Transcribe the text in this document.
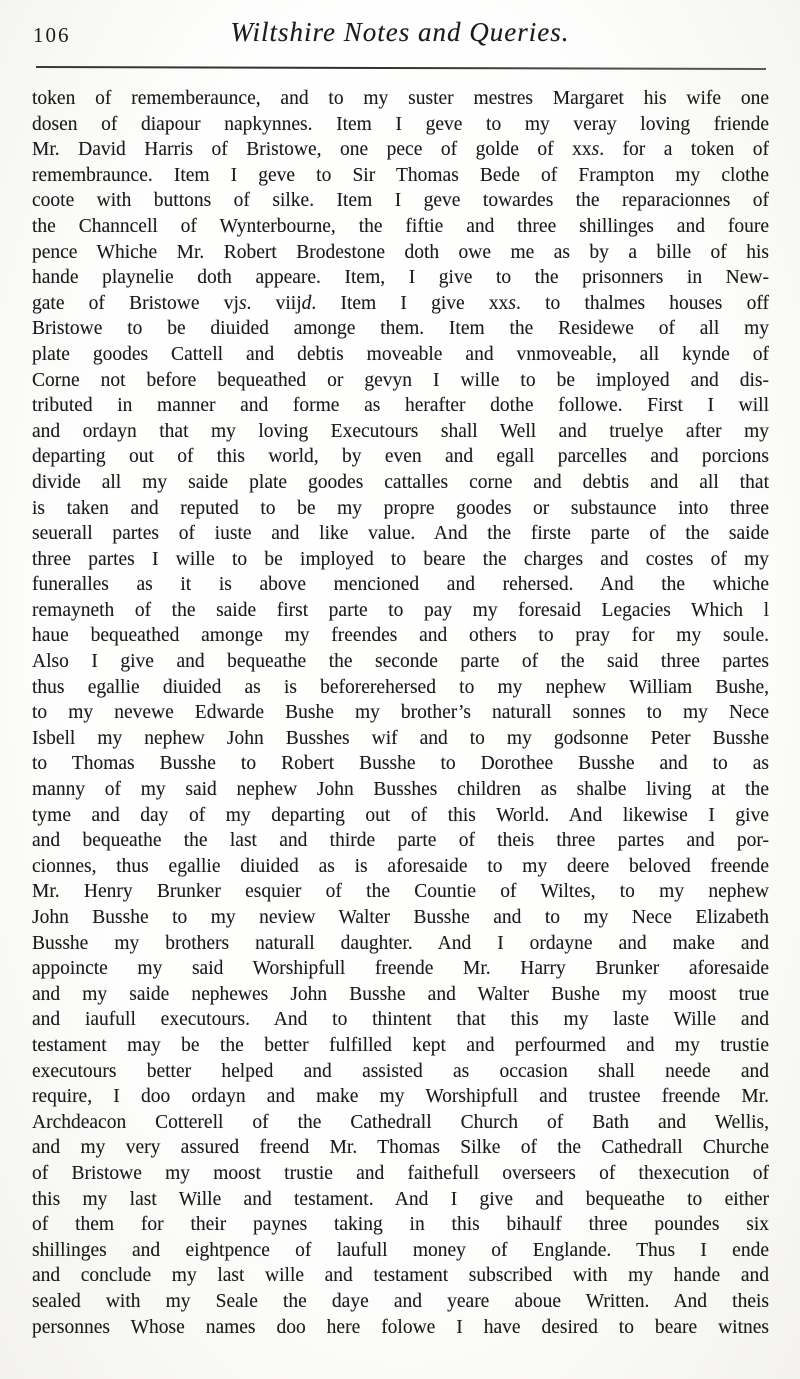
106	Wiltshire Notes and Queries.
token of rememberaunce, and to my suster mestres Margaret his wife one
dosen of diapour napkynnes. Item I geve to my veray loving friende
Mr. David Harris of Bristowe, one pece of golde of xxs. for a token of
remembraunce. Item I geve to Sir Thomas Bede of Frampton my clothe
coote with buttons of silke. Item I geve towardes the reparacionnes of
the Channcell of Wynterbourne, the fiftie and three shillinges and foure
pence Whiche Mr. Robert Brodestone doth owe me as by a bille of his
hande playnelie doth appeare. Item, I give to the prisonners in New-
gate of Bristowe vjs. viijd. Item I give xxs. to thalmes houses off
Bristowe to be diuided amonge them. Item the Residewe of all my
plate goodes Cattell and debtis moveable and vnmoveable, all kynde of
Corne not before bequeathed or gevyn I wille to be imployed and dis-
tributed in manner and forme as herafter dothe followe. First I will
and ordayn that my loving Executours shall Well and truelye after my
departing out of this world, by even and egall parcelles and porcions
divide all my saide plate goodes cattalles corne and debtis and all that
is taken and reputed to be my propre goodes or substaunce into three
seuerall partes of iuste and like value. And the firste parte of the saide
three partes I wille to be imployed to beare the charges and costes of my
funeralles as it is above mencioned and rehersed. And the whiche
remayneth of the saide first parte to pay my foresaid Legacies Which l
haue bequeathed amonge my freendes and others to pray for my soule.
Also I give and bequeathe the seconde parte of the said three partes
thus egallie diuided as is beforerehersed to my nephew William Bushe,
to my nevewe Edwarde Bushe my brother’s naturall sonnes to my Nece
Isbell my nephew John Busshes wif and to my godsonne Peter Busshe
to Thomas Busshe to Robert Busshe to Dorothee Busshe and to as
manny of my said nephew John Busshes children as shalbe living at the
tyme and day of my departing out of this World. And likewise I give
and bequeathe the last and thirde parte of theis three partes and por-
cionnes, thus egallie diuided as is aforesaide to my deere beloved freende
Mr. Henry Brunker esquier of the Countie of Wiltes, to my nephew
John Busshe to my neview Walter Busshe and to my Nece Elizabeth
Busshe my brothers naturall daughter. And I ordayne and make and
appoincte my said Worshipfull freende Mr. Harry Brunker aforesaide
and my saide nephewes John Busshe and Walter Bushe my moost true
and iaufull executours. And to thintent that this my laste Wille and
testament may be the better fulfilled kept and perfourmed and my trustie
executours better helped and assisted as occasion shall neede and
require, I doo ordayn and make my Worshipfull and trustee freende Mr.
Archdeacon Cotterell of the Cathedrall Church of Bath and Wellis,
and my very assured freend Mr. Thomas Silke of the Cathedrall Churche
of Bristowe my moost trustie and faithefull overseers of thexecution of
this my last Wille and testament. And I give and bequeathe to either
of them for their paynes taking in this bihaulf three poundes six
shillinges and eightpence of laufull money of Englande. Thus I ende
and conclude my last wille and testament subscribed with my hande and
sealed with my Seale the daye and yeare aboue Written. And theis
personnes Whose names doo here folowe I have desired to beare witnes
